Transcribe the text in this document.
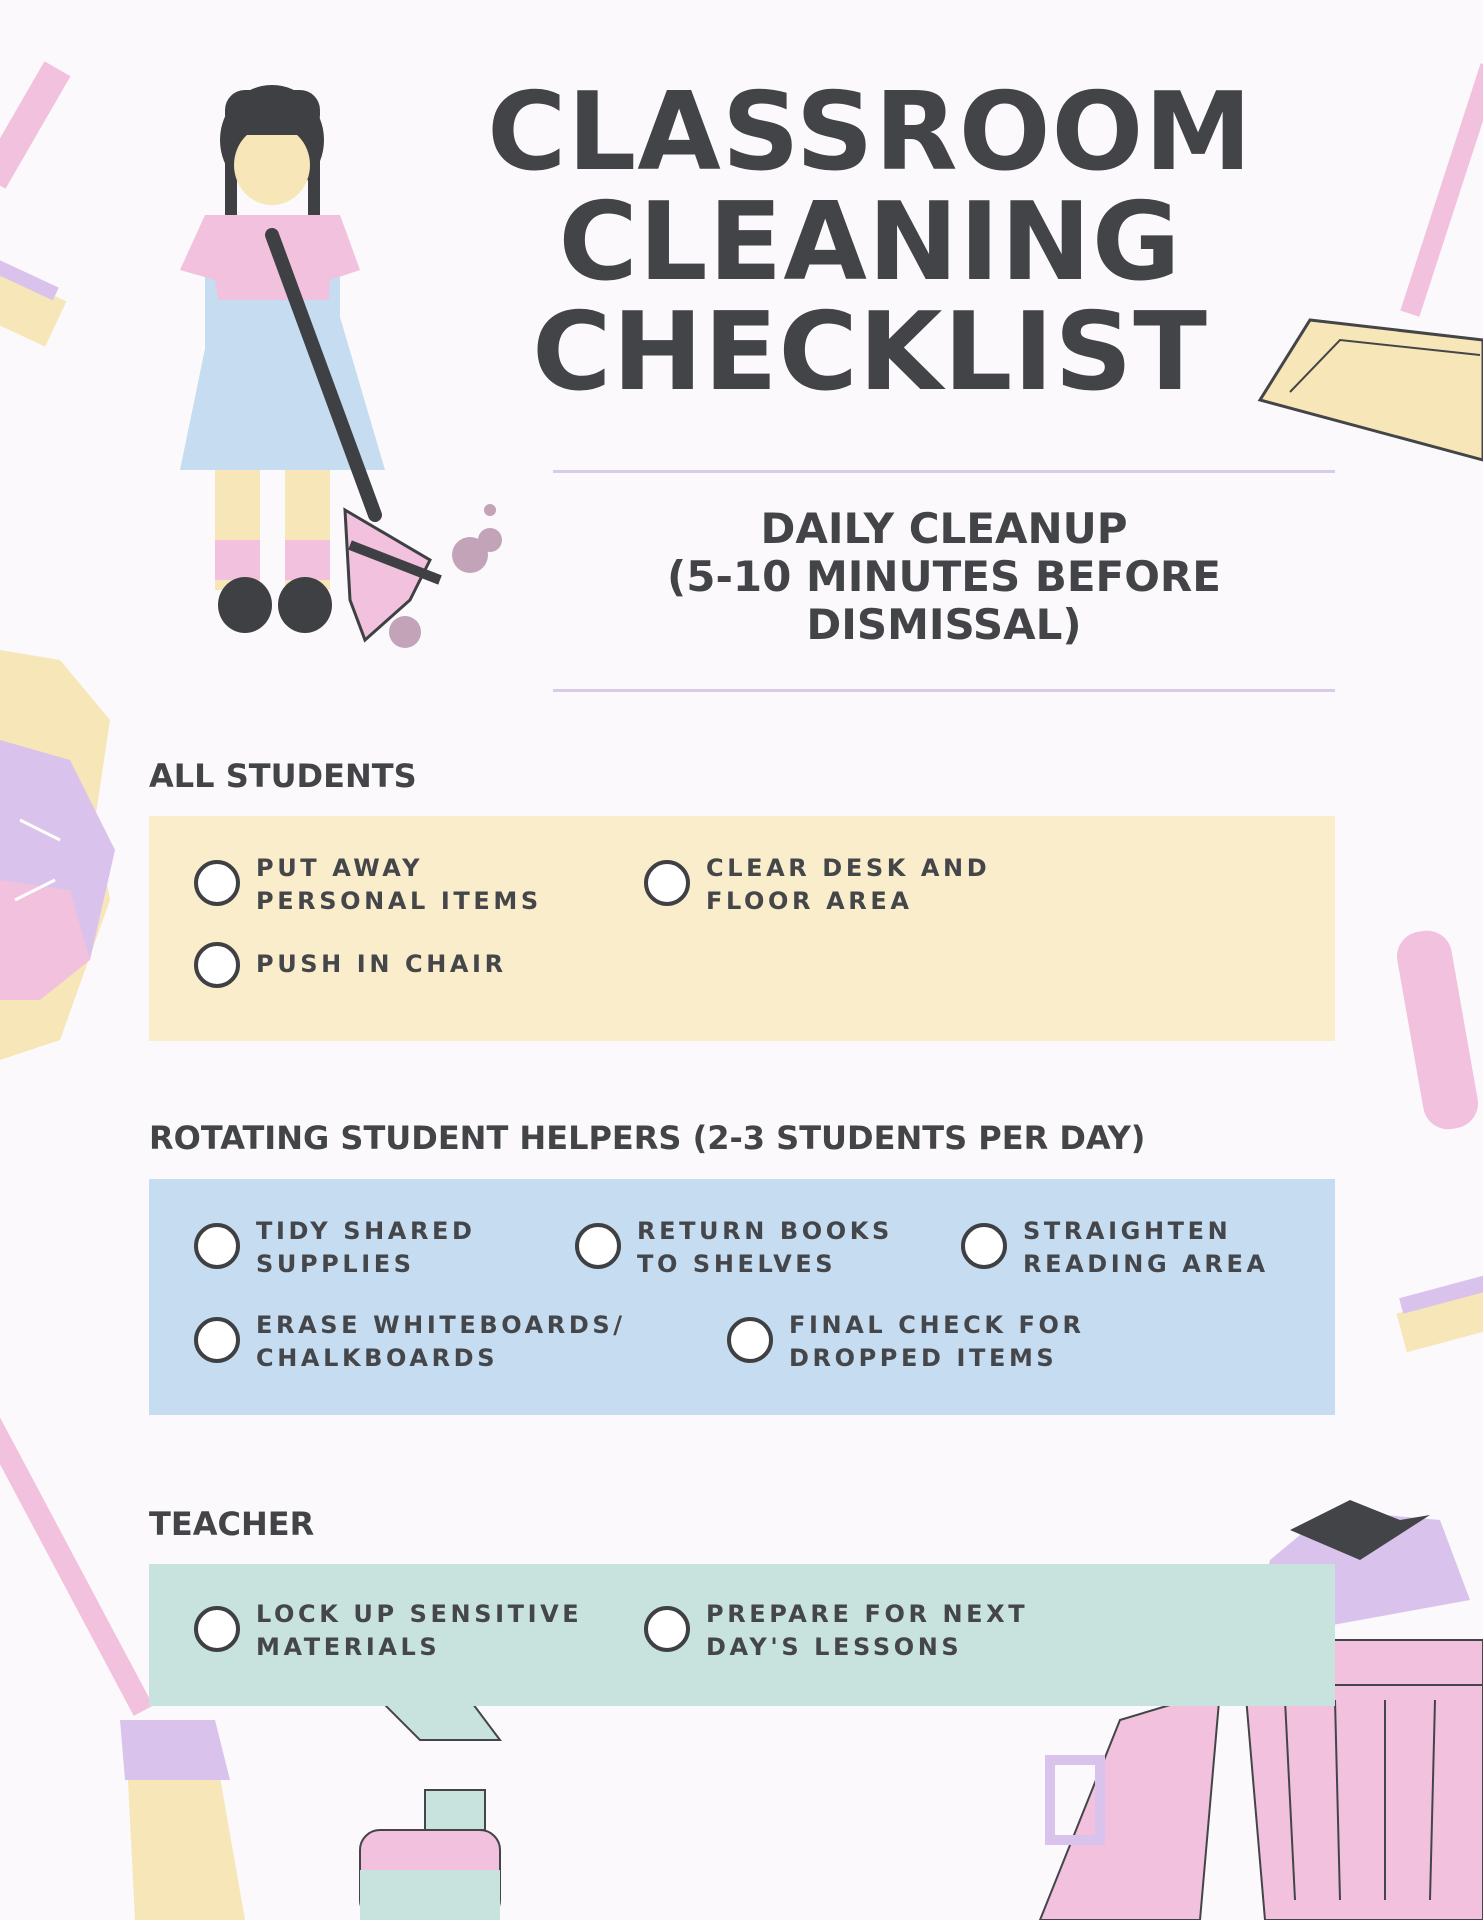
CLASSROOM
CLEANING
CHECKLIST
DAILY CLEANUP
(5-10 MINUTES BEFORE
DISMISSAL)
ALL STUDENTS
PUT AWAY
PERSONAL ITEMS
CLEAR DESK AND
FLOOR AREA
PUSH IN CHAIR
ROTATING STUDENT HELPERS (2-3 STUDENTS PER DAY)
TIDY SHARED
SUPPLIES
RETURN BOOKS
TO SHELVES
STRAIGHTEN
READING AREA
ERASE WHITEBOARDS/
CHALKBOARDS
FINAL CHECK FOR
DROPPED ITEMS
TEACHER
LOCK UP SENSITIVE
MATERIALS
PREPARE FOR NEXT
DAY'S LESSONS
